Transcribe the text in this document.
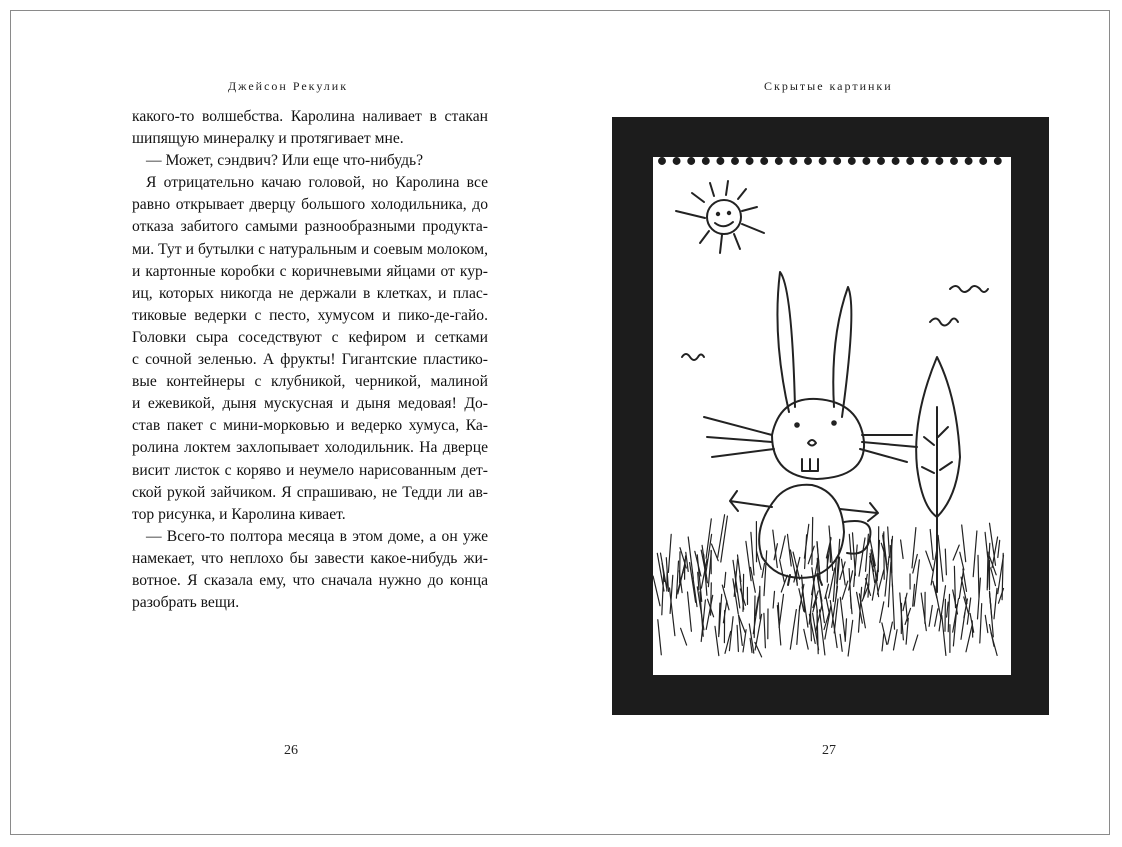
Джейсон Рекулик	Скрытые картинки
какого-то волшебства. Каролина наливает в стакан
шипящую минералку и протягивает мне.
— Может, сэндвич? Или еще что-нибудь?
Я отрицательно качаю головой, но Каролина все
равно открывает дверцу большого холодильника, до
отказа забитого самыми разнообразными продукта-
ми. Тут и бутылки с натуральным и соевым молоком,
и картонные коробки с коричневыми яйцами от кур-
иц, которых никогда не держали в клетках, и плас-
тиковые ведерки с песто, хумусом и пико-де-гайо.
Головки сыра соседствуют с кефиром и сетками
с сочной зеленью. А фрукты! Гигантские пластико-
вые контейнеры с клубникой, черникой, малиной
и ежевикой, дыня мускусная и дыня медовая! До-
став пакет с мини-морковью и ведерко хумуса, Ка-
ролина локтем захлопывает холодильник. На дверце
висит листок с коряво и неумело нарисованным дет-
ской рукой зайчиком. Я спрашиваю, не Тедди ли ав-
тор рисунка, и Каролина кивает.
— Всего-то полтора месяца в этом доме, а он уже
намекает, что неплохо бы завести какое-нибудь жи-
вотное. Я сказала ему, что сначала нужно до конца
разобрать вещи.
26	27
